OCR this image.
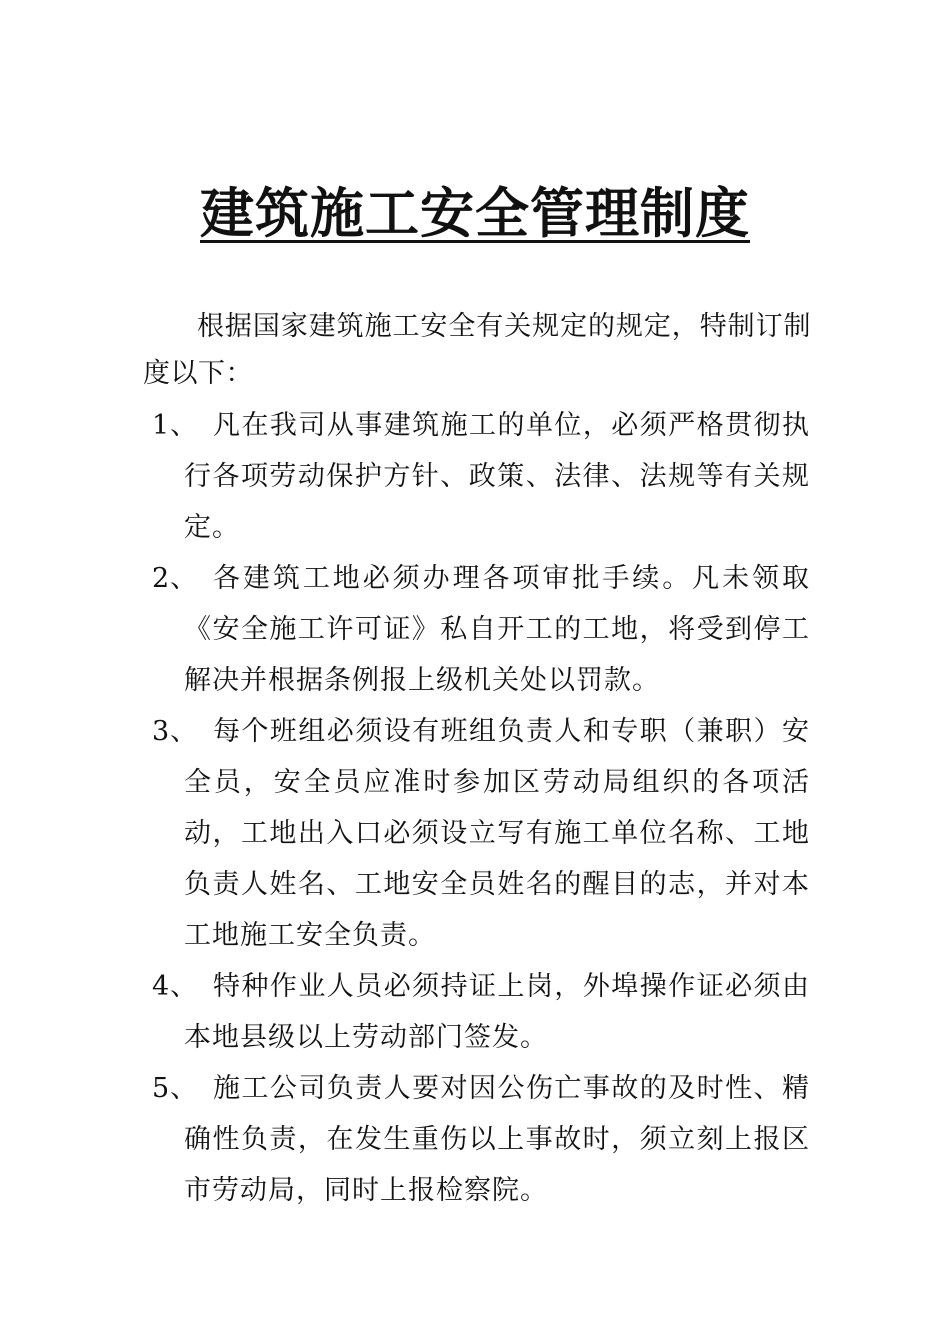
建筑施工安全管理制度

根据国家建筑施工安全有关规定的规定，特制订制度以下：

1、 凡在我司从事建筑施工的单位，必须严格贯彻执行各项劳动保护方针、政策、法律、法规等有关规定。
2、 各建筑工地必须办理各项审批手续。凡未领取《安全施工许可证》私自开工的工地，将受到停工解决并根据条例报上级机关处以罚款。
3、 每个班组必须设有班组负责人和专职（兼职）安全员，安全员应准时参加区劳动局组织的各项活动，工地出入口必须设立写有施工单位名称、工地负责人姓名、工地安全员姓名的醒目的志，并对本工地施工安全负责。
4、 特种作业人员必须持证上岗，外埠操作证必须由本地县级以上劳动部门签发。
5、 施工公司负责人要对因公伤亡事故的及时性、精确性负责，在发生重伤以上事故时，须立刻上报区市劳动局，同时上报检察院。
